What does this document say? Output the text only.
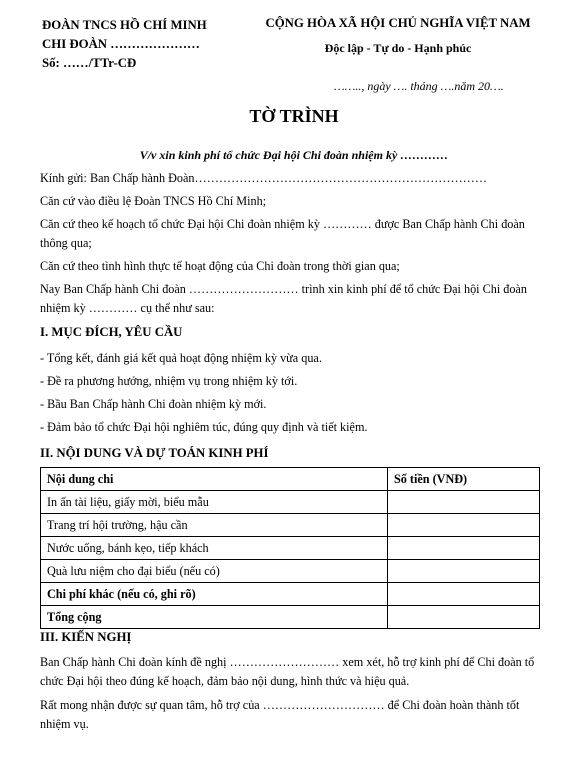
ĐOÀN TNCS HỒ CHÍ MINH
CHI ĐOÀN …………………
Số: ……/TTr-CĐ
CỘNG HÒA XÃ HỘI CHỦ NGHĨA VIỆT NAM
Độc lập - Tự do - Hạnh phúc
…….., ngày …. tháng ….năm 20….
TỜ TRÌNH
V/v xin kinh phí tổ chức Đại hội Chi đoàn nhiệm kỳ …………
Kính gửi: Ban Chấp hành Đoàn………………………………………………………………
Căn cứ vào điều lệ Đoàn TNCS Hồ Chí Minh;
Căn cứ theo kế hoạch tổ chức Đại hội Chi đoàn nhiệm kỳ ………… được Ban Chấp hành Chi đoàn thông qua;
Căn cứ theo tình hình thực tế hoạt động của Chi đoàn trong thời gian qua;
Nay Ban Chấp hành Chi đoàn ……………………… trình xin kinh phí để tổ chức Đại hội Chi đoàn nhiệm kỳ ………… cụ thể như sau:
I. MỤC ĐÍCH, YÊU CẦU
- Tổng kết, đánh giá kết quả hoạt động nhiệm kỳ vừa qua.
- Đề ra phương hướng, nhiệm vụ trong nhiệm kỳ tới.
- Bầu Ban Chấp hành Chi đoàn nhiệm kỳ mới.
- Đảm bảo tổ chức Đại hội nghiêm túc, đúng quy định và tiết kiệm.
II. NỘI DUNG VÀ DỰ TOÁN KINH PHÍ
Nội dung chi	Số tiền (VNĐ)
In ấn tài liệu, giấy mời, biểu mẫu	
Trang trí hội trường, hậu cần	
Nước uống, bánh kẹo, tiếp khách	
Quà lưu niệm cho đại biểu (nếu có)	
Chi phí khác (nếu có, ghi rõ)	
Tổng cộng	
III. KIẾN NGHỊ
Ban Chấp hành Chi đoàn kính đề nghị ……………………… xem xét, hỗ trợ kinh phí để Chi đoàn tổ chức Đại hội theo đúng kế hoạch, đảm bảo nội dung, hình thức và hiệu quả.
Rất mong nhận được sự quan tâm, hỗ trợ của ………………………… để Chi đoàn hoàn thành tốt nhiệm vụ.
